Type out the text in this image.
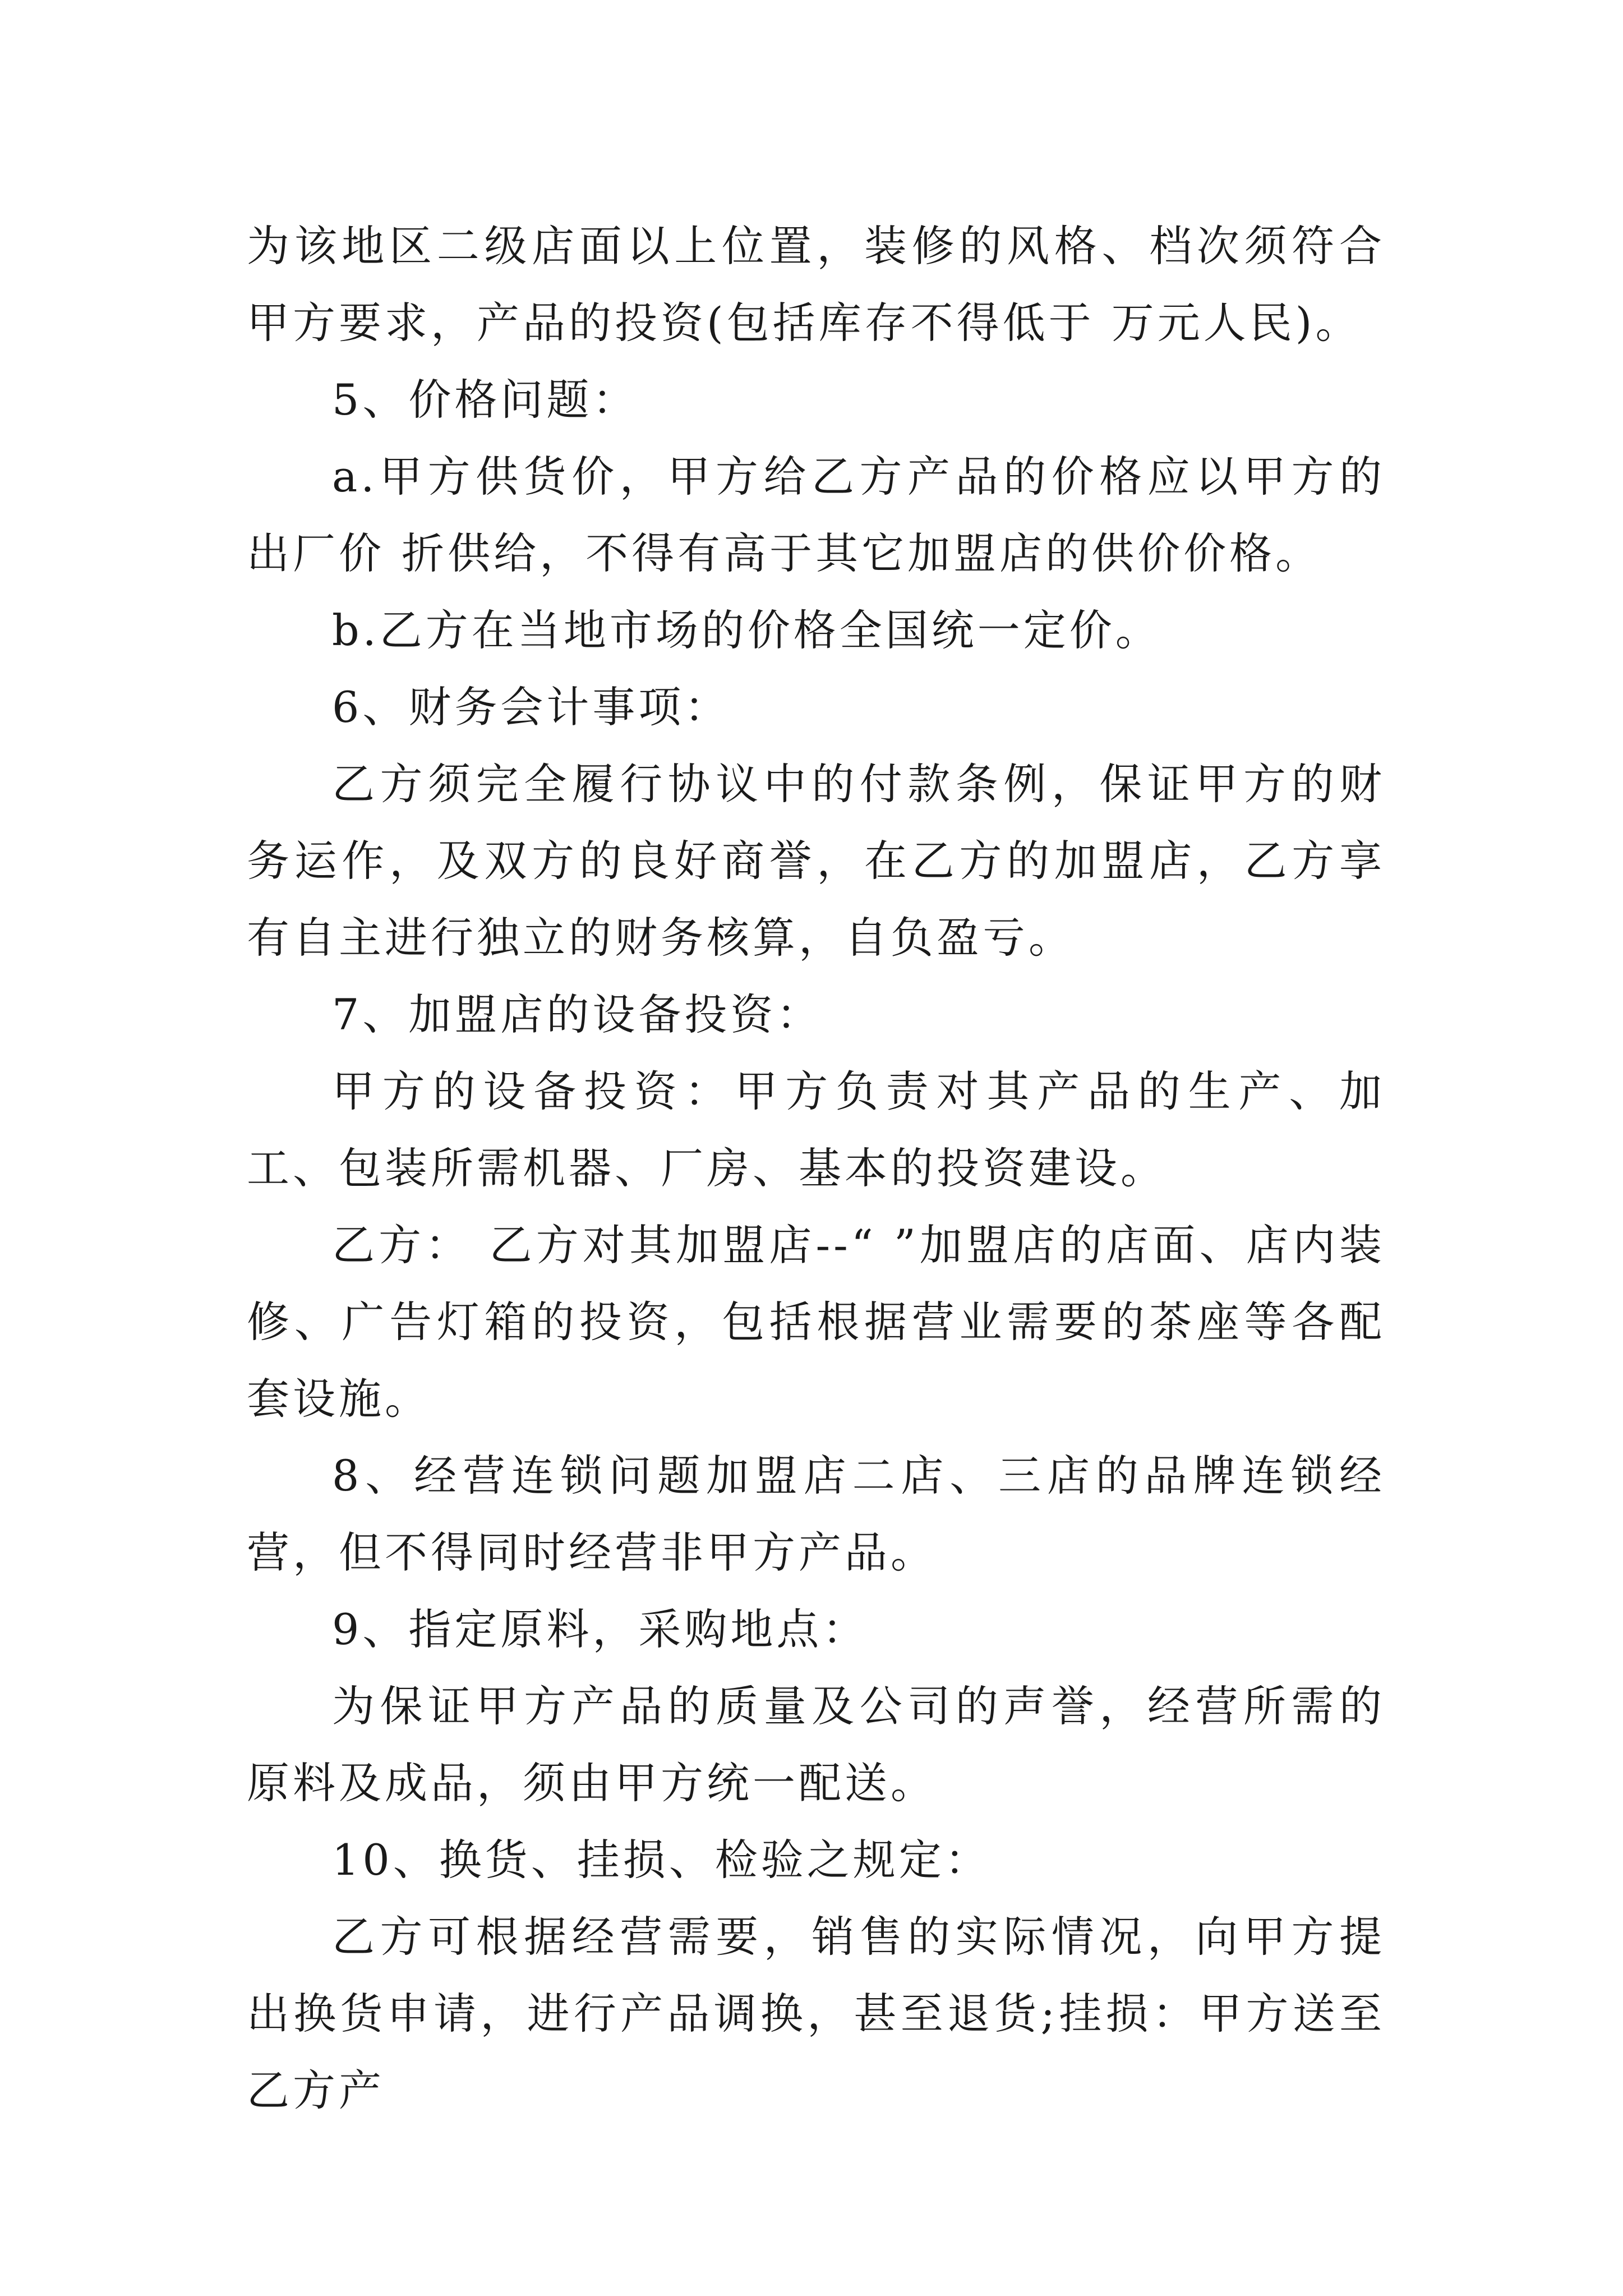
为该地区二级店面以上位置，装修的风格、档次须符合甲方要求，产品的投资(包括库存不得低于 万元人民)。

5、价格问题：

a.甲方供货价，甲方给乙方产品的价格应以甲方的出厂价 折供给，不得有高于其它加盟店的供价价格。

b.乙方在当地市场的价格全国统一定价。

6、财务会计事项：

乙方须完全履行协议中的付款条例，保证甲方的财务运作，及双方的良好商誉，在乙方的加盟店，乙方享有自主进行独立的财务核算，自负盈亏。

7、加盟店的设备投资：

甲方的设备投资：甲方负责对其产品的生产、加工、包装所需机器、厂房、基本的投资建设。

乙方： 乙方对其加盟店--“ ”加盟店的店面、店内装修、广告灯箱的投资，包括根据营业需要的茶座等各配套设施。

8、经营连锁问题加盟店二店、三店的品牌连锁经营，但不得同时经营非甲方产品。

9、指定原料，采购地点：

为保证甲方产品的质量及公司的声誉，经营所需的原料及成品，须由甲方统一配送。

10、换货、挂损、检验之规定：

乙方可根据经营需要，销售的实际情况，向甲方提出换货申请，进行产品调换，甚至退货;挂损：甲方送至乙方产
